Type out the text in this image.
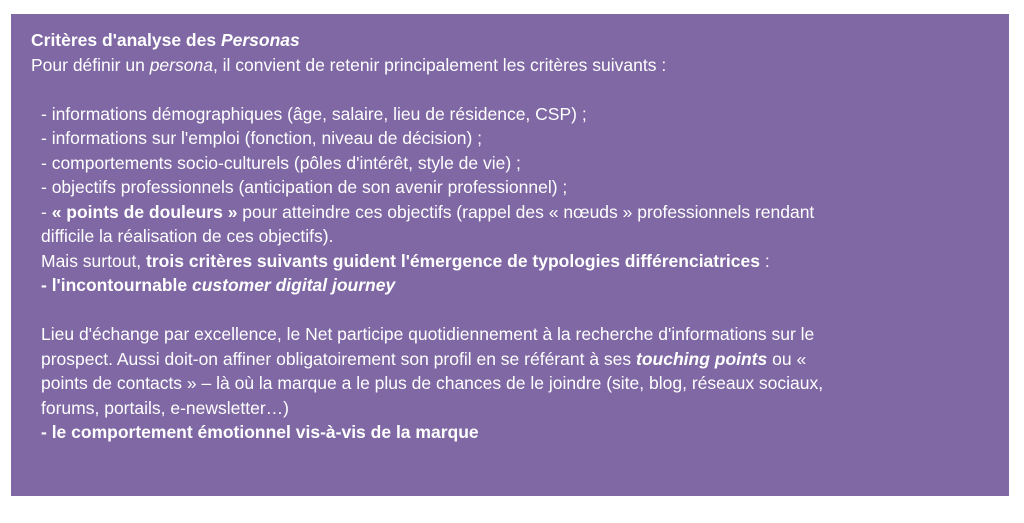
Critères d'analyse des Personas
Pour définir un persona, il convient de retenir principalement les critères suivants :
- informations démographiques (âge, salaire, lieu de résidence, CSP) ;
- informations sur l'emploi (fonction, niveau de décision) ;
- comportements socio-culturels (pôles d'intérêt, style de vie) ;
- objectifs professionnels (anticipation de son avenir professionnel) ;
- « points de douleurs » pour atteindre ces objectifs (rappel des « nœuds » professionnels rendant
difficile la réalisation de ces objectifs).
Mais surtout, trois critères suivants guident l'émergence de typologies différenciatrices :
- l'incontournable customer digital journey
Lieu d'échange par excellence, le Net participe quotidiennement à la recherche d'informations sur le
prospect. Aussi doit-on affiner obligatoirement son profil en se référant à ses touching points ou «
points de contacts » – là où la marque a le plus de chances de le joindre (site, blog, réseaux sociaux,
forums, portails, e-newsletter…)
- le comportement émotionnel vis-à-vis de la marque
